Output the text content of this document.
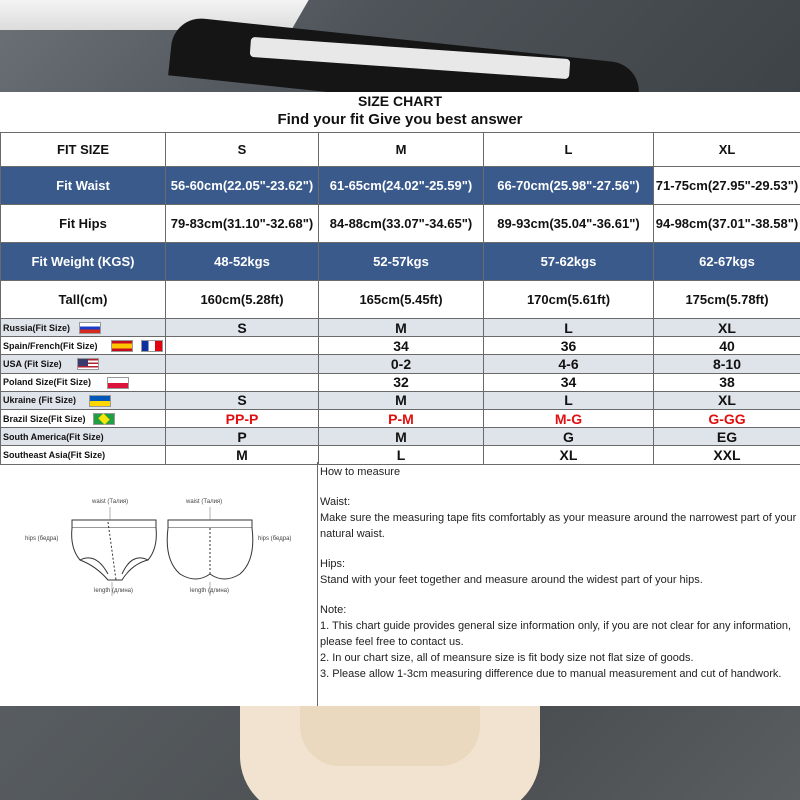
SIZE CHART
Find your fit Give you best answer
FIT SIZE	S	M	L	XL
Fit Waist	56-60cm(22.05"-23.62")	61-65cm(24.02"-25.59")	66-70cm(25.98"-27.56")	71-75cm(27.95"-29.53")
Fit Hips	79-83cm(31.10"-32.68")	84-88cm(33.07"-34.65")	89-93cm(35.04"-36.61")	94-98cm(37.01"-38.58")
Fit Weight (KGS)	48-52kgs	52-57kgs	57-62kgs	62-67kgs
Tall(cm)	160cm(5.28ft)	165cm(5.45ft)	170cm(5.61ft)	175cm(5.78ft)
Russia(Fit Size)	S	M	L	XL
Spain/French(Fit Size)		34	36	40
USA (Fit Size)		0-2	4-6	8-10
Poland Size(Fit Size)		32	34	38
Ukraine (Fit Size)	S	M	L	XL
Brazil Size(Fit Size)	PP-P	P-M	M-G	G-GG
South America(Fit Size)	P	M	G	EG
Southeast Asia(Fit Size)	M	L	XL	XXL
waist (Талия)	waist (Талия)
hips (бедра)	hips (бедра)
length (длина)	length (длина)

How to measure

Waist:

Make sure the measuring tape fits comfortably as your measure around the narrowest part of your natural waist.

Hips:

Stand with your feet together and measure around the widest part of your hips.

Note:

1. This chart guide provides general size information only, if you are not clear for any information, please feel free to contact us.

2. In our chart size, all of meansure size is fit body size not flat size of goods.

3. Please allow 1-3cm measuring difference due to manual measurement and cut of handwork.
